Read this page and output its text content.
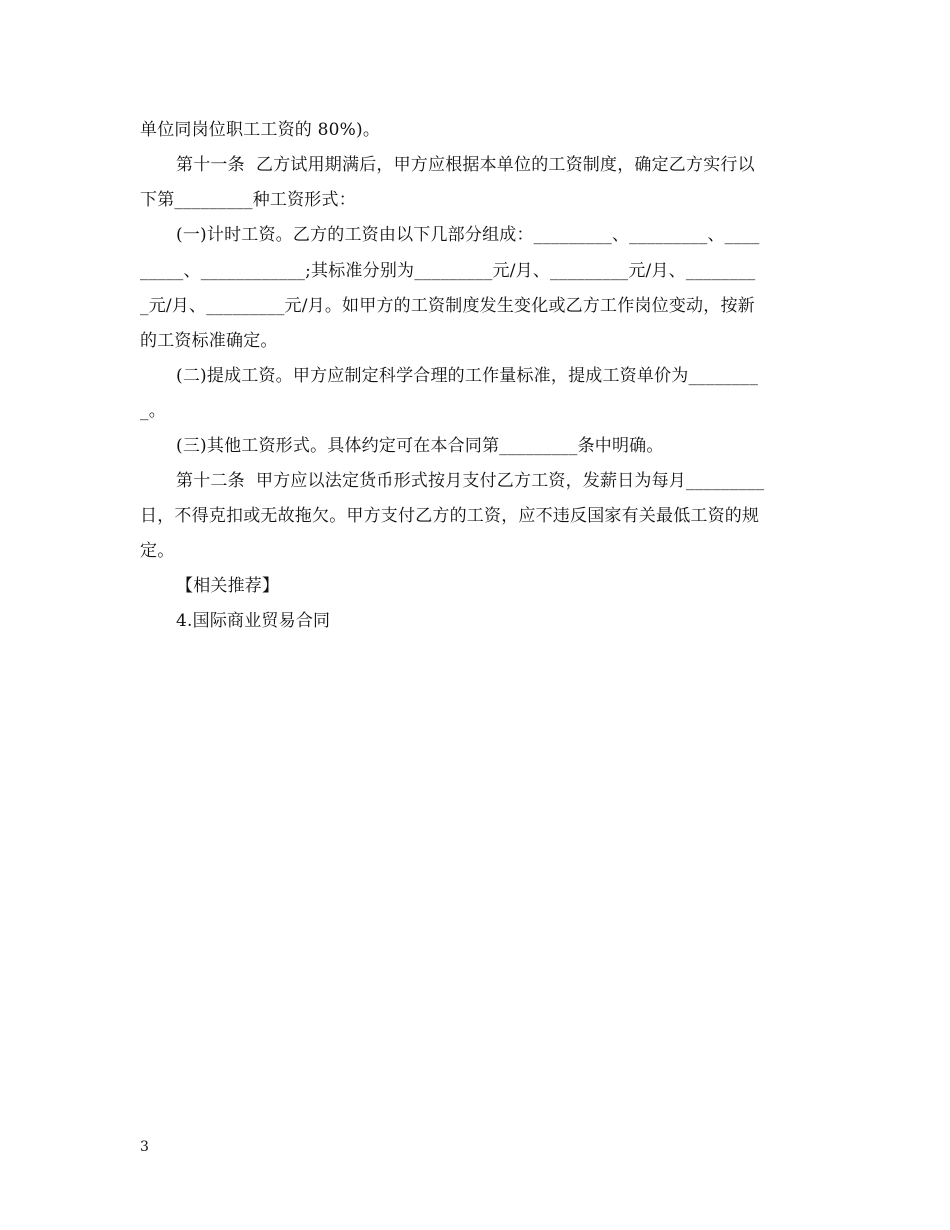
单位同岗位职工工资的 80%)。
第十一条  乙方试用期满后，甲方应根据本单位的工资制度，确定乙方实行以
下第_________种工资形式：
(一)计时工资。乙方的工资由以下几部分组成：_________、_________、____
_____、____________;其标准分别为_________元/月、_________元/月、________
_元/月、_________元/月。如甲方的工资制度发生变化或乙方工作岗位变动，按新
的工资标准确定。
(二)提成工资。甲方应制定科学合理的工作量标准，提成工资单价为________
_。
(三)其他工资形式。具体约定可在本合同第_________条中明确。
第十二条  甲方应以法定货币形式按月支付乙方工资，发薪日为每月_________
日，不得克扣或无故拖欠。甲方支付乙方的工资，应不违反国家有关最低工资的规
定。
【相关推荐】
4.国际商业贸易合同
3
